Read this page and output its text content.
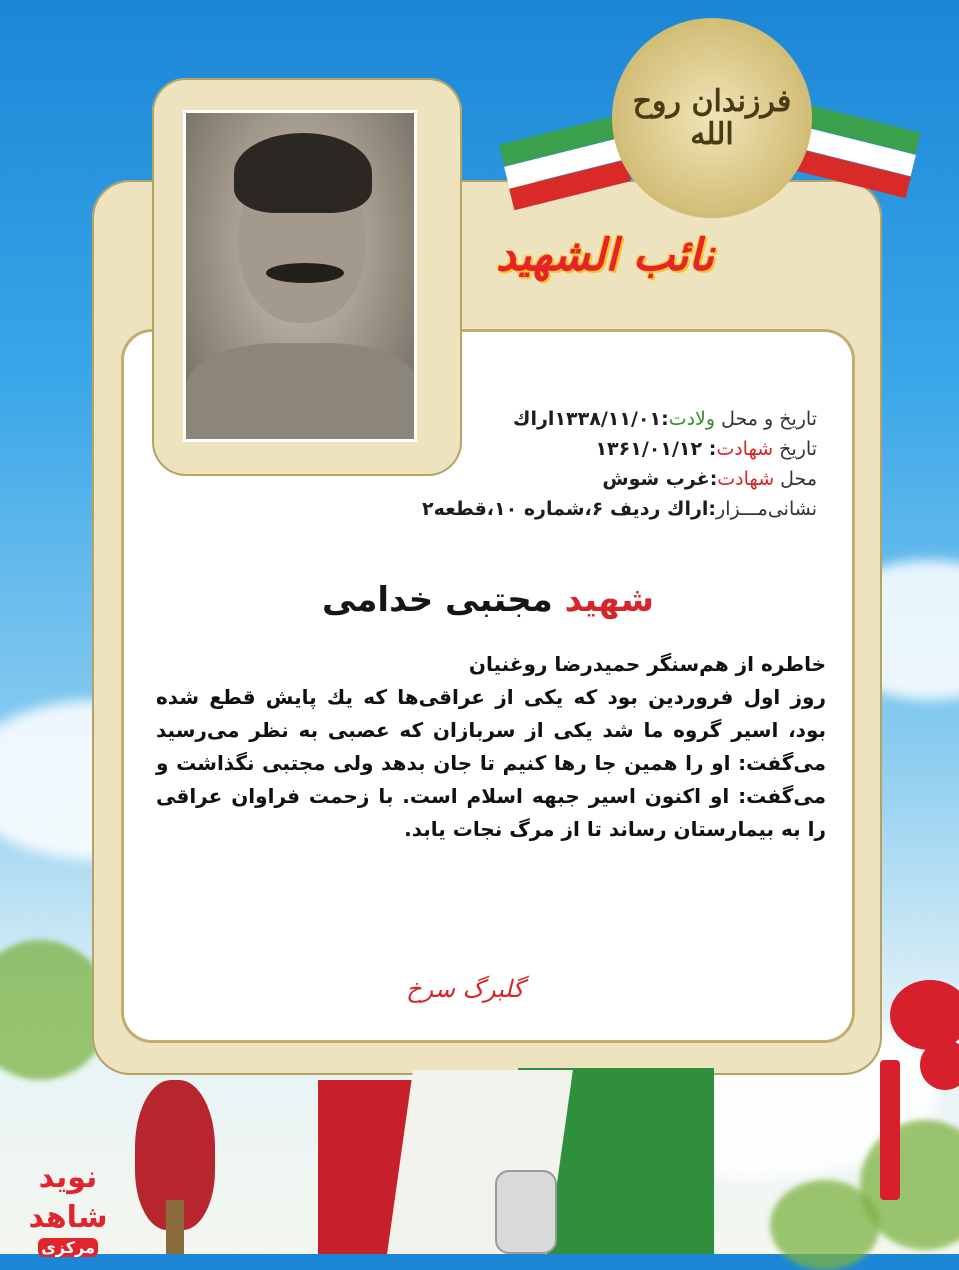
فرزندان روح الله
نائب الشهید
تاریخ و محل ولادت:۱۳۳۸/۱۱/۰۱اراك
تاریخ شهادت: ۱۳۶۱/۰۱/۱۲
محل شهادت:غرب شوش
نشانی‌مـــزار:اراك ردیف ۶،شماره ۱۰،قطعه۲
شهید مجتبی خدامی
خاطره از هم‌سنگر حمیدرضا روغنیان
روز اول فروردین بود که یکی از عراقی‌ها که یك پایش قطع شده بود، اسیر گروه ما شد یکی از سربازان که عصبی به نظر می‌رسید می‌گفت: او را همین جا رها کنیم تا جان بدهد ولی مجتبی نگذاشت و می‌گفت: او اکنون اسیر جبهه اسلام است. با زحمت فراوان عراقی را به بیمارستان رساند تا از مرگ نجات یابد.
گلبرگ سرخ
نوید شاهد
مرکزی
